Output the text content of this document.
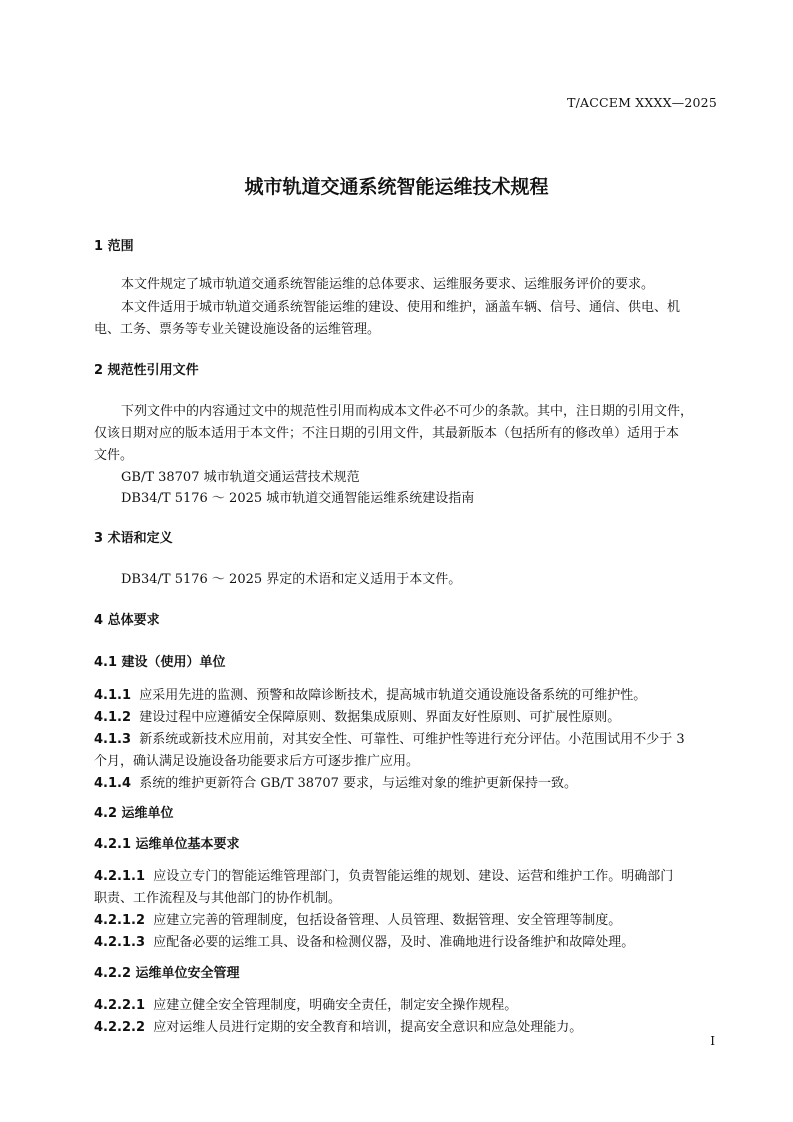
T/ACCEM XXXX—2025
城市轨道交通系统智能运维技术规程
1 范围
本文件规定了城市轨道交通系统智能运维的总体要求、运维服务要求、运维服务评价的要求。
本文件适用于城市轨道交通系统智能运维的建设、使用和维护，涵盖车辆、信号、通信、供电、机
电、工务、票务等专业关键设施设备的运维管理。
2 规范性引用文件
下列文件中的内容通过文中的规范性引用而构成本文件必不可少的条款。其中，注日期的引用文件，
仅该日期对应的版本适用于本文件；不注日期的引用文件，其最新版本（包括所有的修改单）适用于本
文件。
GB/T 38707 城市轨道交通运营技术规范
DB34/T 5176 ～ 2025 城市轨道交通智能运维系统建设指南
3 术语和定义
DB34/T 5176 ～ 2025 界定的术语和定义适用于本文件。
4 总体要求
4.1 建设（使用）单位
4.1.1 应采用先进的监测、预警和故障诊断技术，提高城市轨道交通设施设备系统的可维护性。
4.1.2 建设过程中应遵循安全保障原则、数据集成原则、界面友好性原则、可扩展性原则。
4.1.3 新系统或新技术应用前，对其安全性、可靠性、可维护性等进行充分评估。小范围试用不少于 3
个月，确认满足设施设备功能要求后方可逐步推广应用。
4.1.4 系统的维护更新符合 GB/T 38707 要求，与运维对象的维护更新保持一致。
4.2 运维单位
4.2.1 运维单位基本要求
4.2.1.1 应设立专门的智能运维管理部门，负责智能运维的规划、建设、运营和维护工作。明确部门
职责、工作流程及与其他部门的协作机制。
4.2.1.2 应建立完善的管理制度，包括设备管理、人员管理、数据管理、安全管理等制度。
4.2.1.3 应配备必要的运维工具、设备和检测仪器，及时、准确地进行设备维护和故障处理。
4.2.2 运维单位安全管理
4.2.2.1 应建立健全安全管理制度，明确安全责任，制定安全操作规程。
4.2.2.2 应对运维人员进行定期的安全教育和培训，提高安全意识和应急处理能力。
I
